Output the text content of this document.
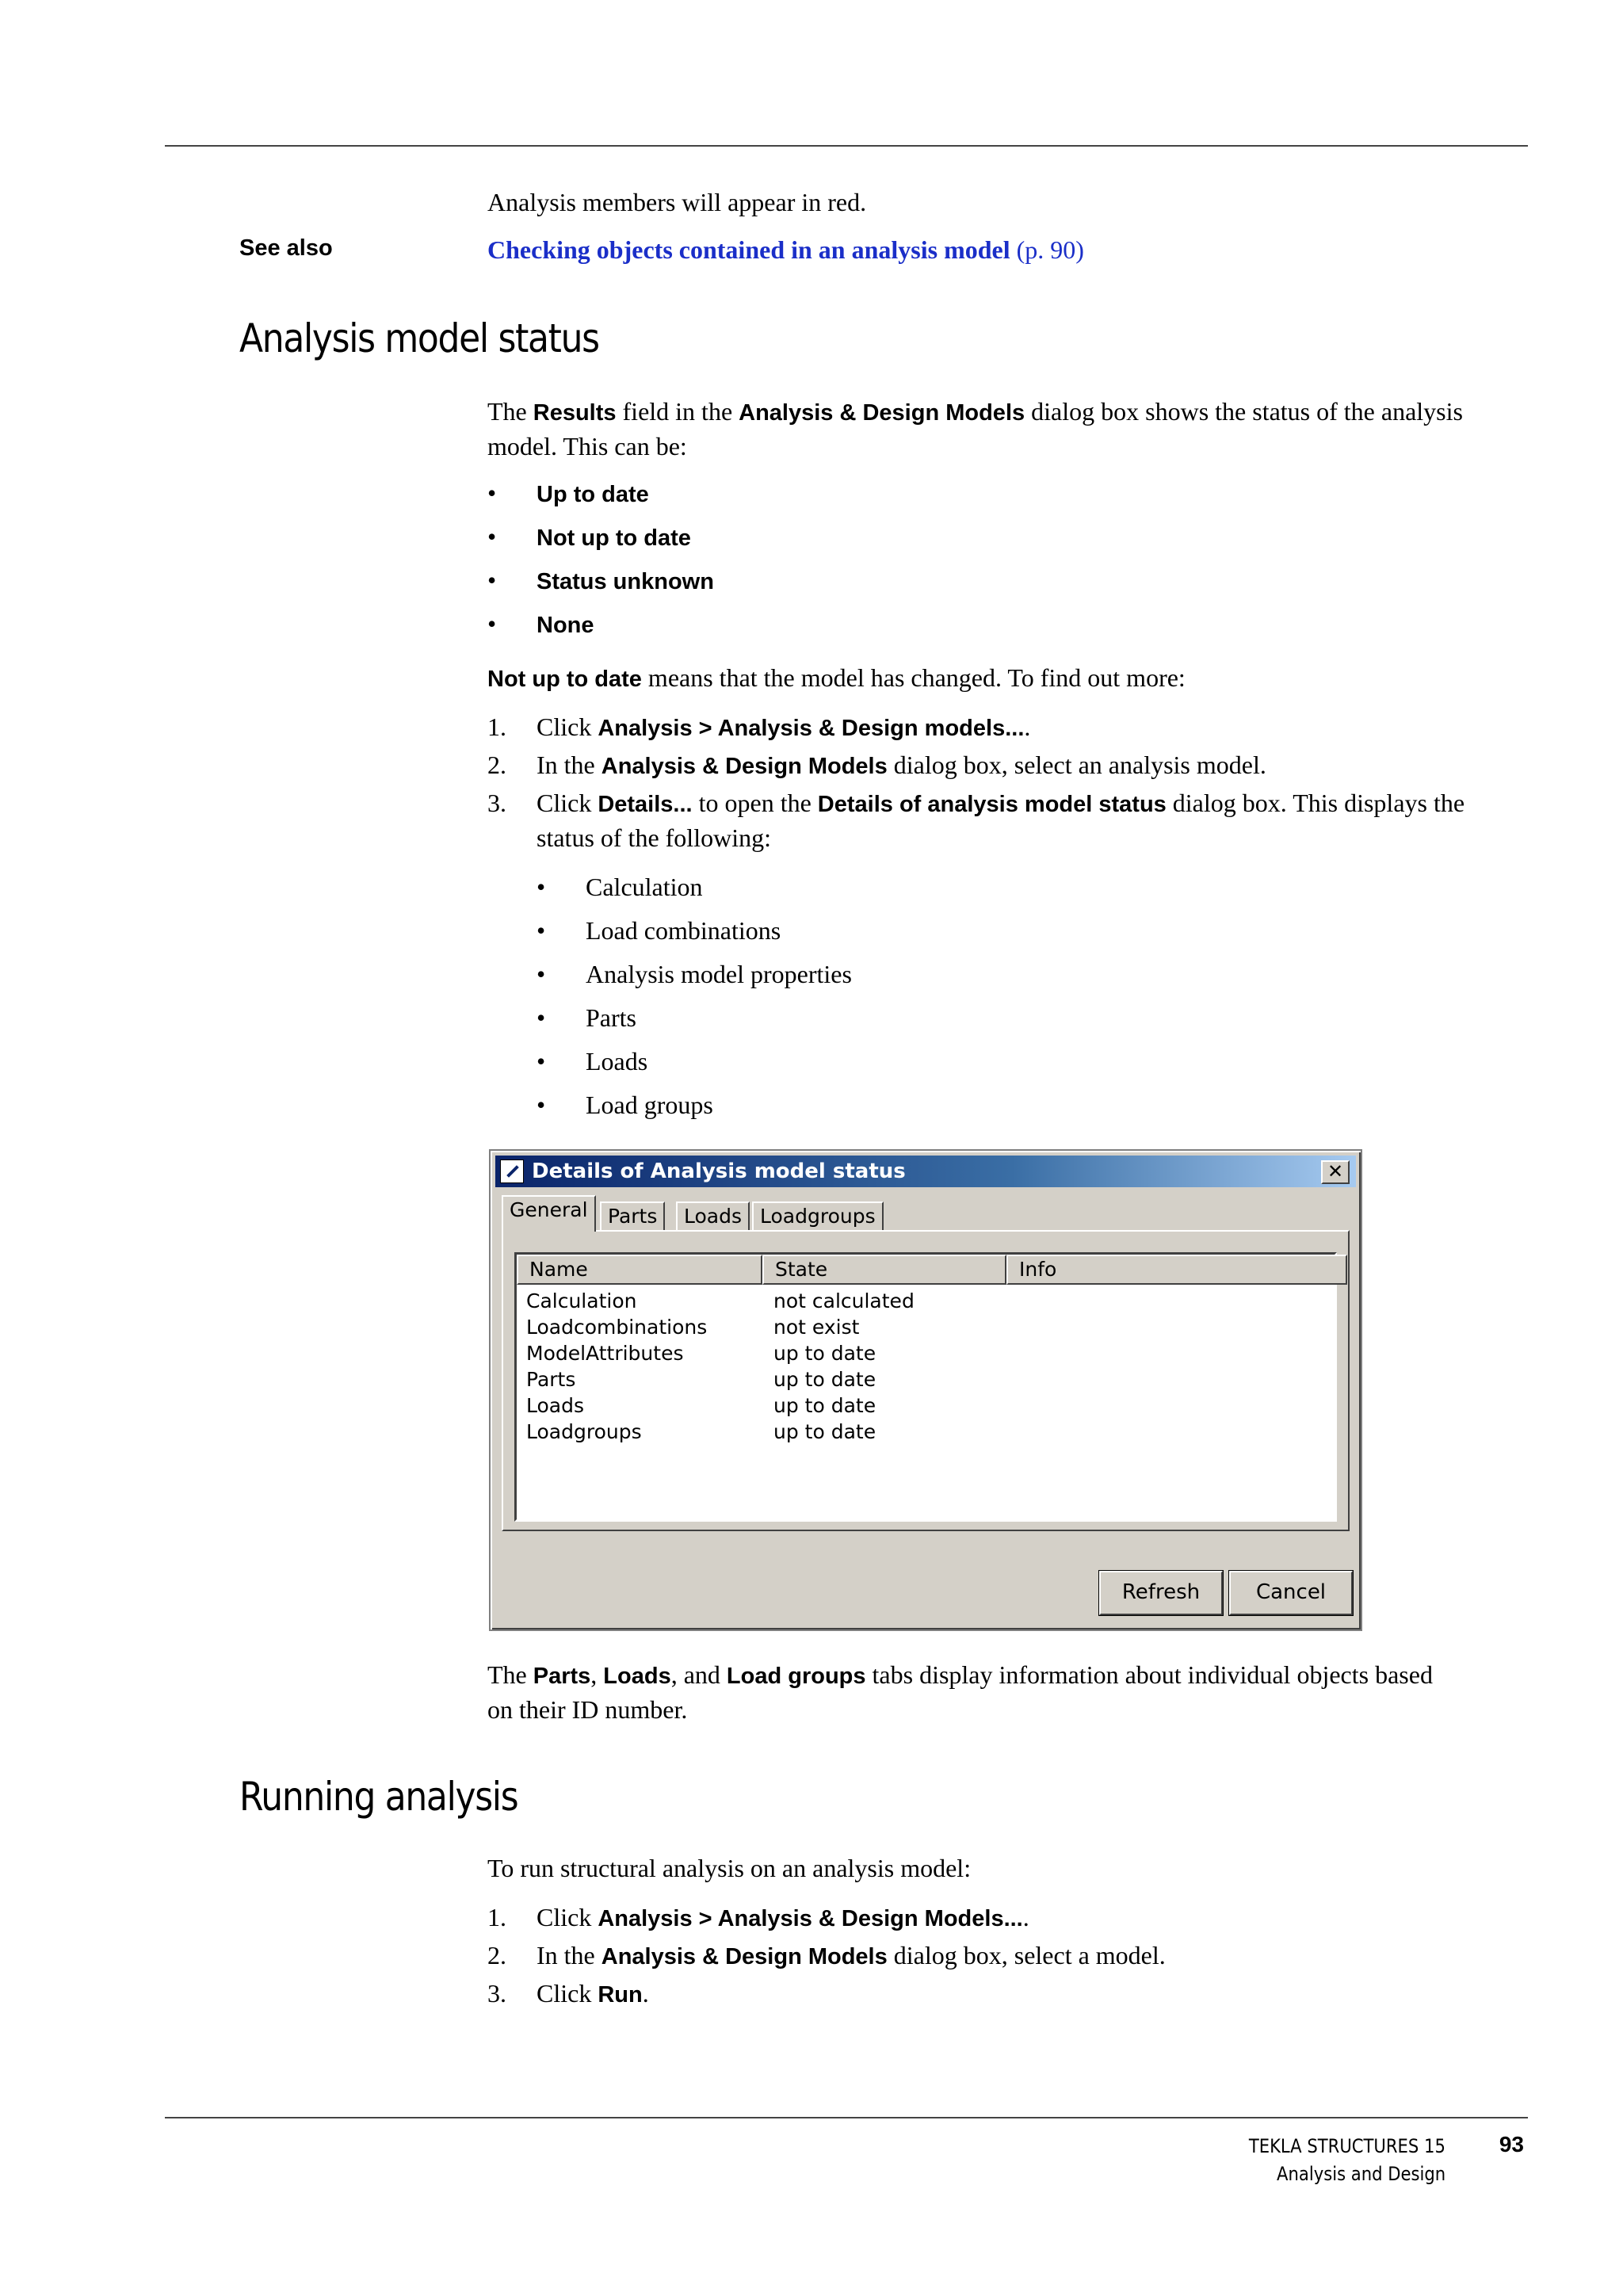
Analysis members will appear in red.
See also	Checking objects contained in an analysis model (p. 90)
Analysis model status
The Results field in the Analysis & Design Models dialog box shows the status of the analysis
model. This can be:
•	Up to date
•	Not up to date
•	Status unknown
•	None
Not up to date means that the model has changed. To find out more:
1. Click Analysis > Analysis & Design models....
2. In the Analysis & Design Models dialog box, select an analysis model.
3. Click Details... to open the Details of analysis model status dialog box. This displays the
status of the following:
•	Calculation
•	Load combinations
•	Analysis model properties
•	Parts
•	Loads
•	Load groups
Details of Analysis model status	✕
General	Parts	Loads Loadgroups
Name	State	Info
Calculation	not calculated
Loadcombinations	not exist
ModelAttributes	up to date
Parts	up to date
Loads	up to date
Loadgroups	up to date
Refresh	Cancel
The Parts, Loads, and Load groups tabs display information about individual objects based
on their ID number.
Running analysis
To run structural analysis on an analysis model:
1. Click Analysis > Analysis & Design Models....
2. In the Analysis & Design Models dialog box, select a model.
3. Click Run.
TEKLA STRUCTURES 15 93
Analysis and Design
